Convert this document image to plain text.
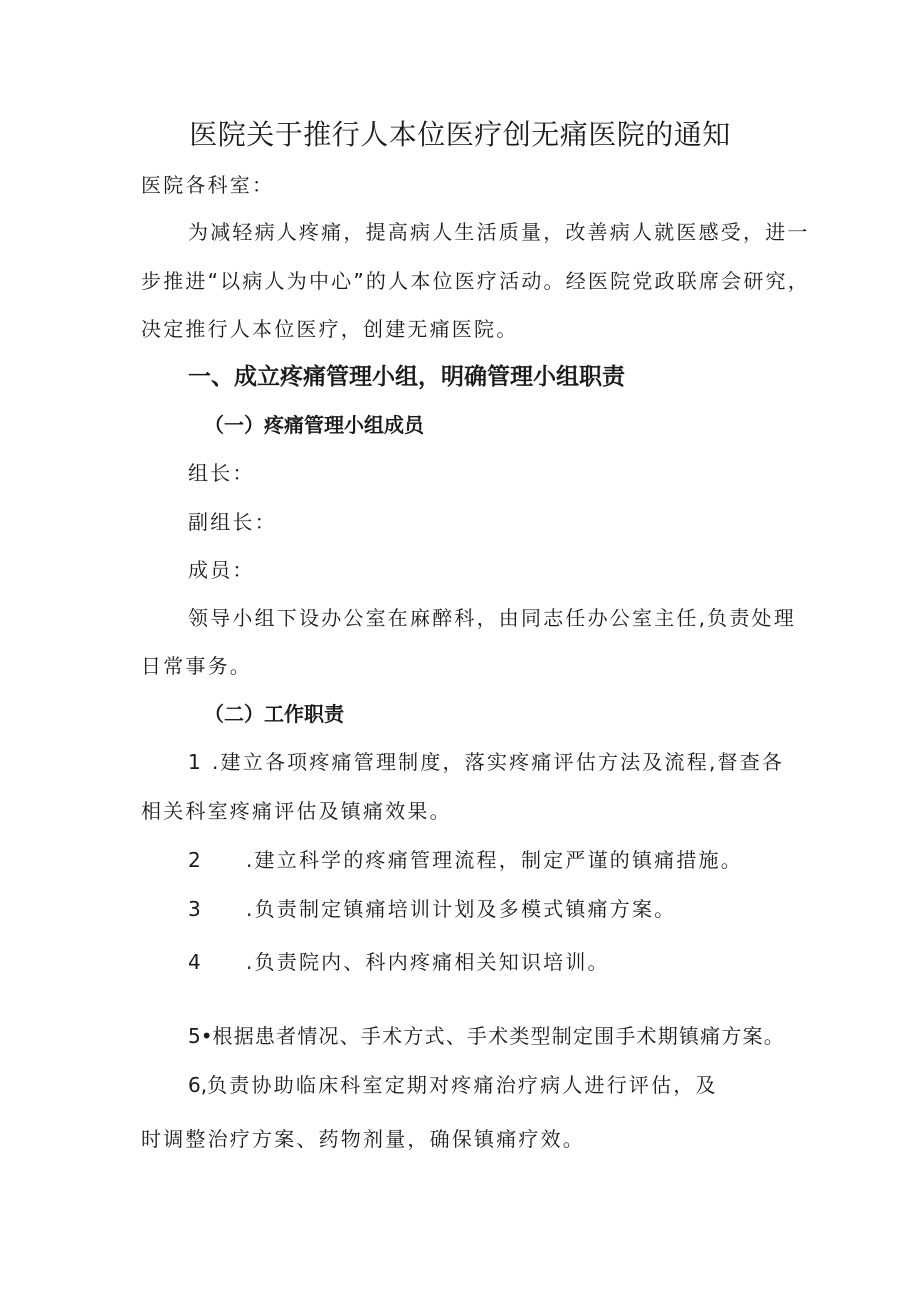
医院关于推行人本位医疗创无痛医院的通知
医院各科室：
为减轻病人疼痛，提高病人生活质量，改善病人就医感受，进一
步推进“以病人为中心”的人本位医疗活动。经医院党政联席会研究，
决定推行人本位医疗，创建无痛医院。
一、成立疼痛管理小组，明确管理小组职责
（一）疼痛管理小组成员
组长：
副组长：
成员：
领导小组下设办公室在麻醉科，由同志任办公室主任,负责处理
日常事务。
（二）工作职责
1 .建立各项疼痛管理制度，落实疼痛评估方法及流程,督查各
相关科室疼痛评估及镇痛效果。
2 .建立科学的疼痛管理流程，制定严谨的镇痛措施。
3 .负责制定镇痛培训计划及多模式镇痛方案。
4 .负责院内、科内疼痛相关知识培训。
5•根据患者情况、手术方式、手术类型制定围手术期镇痛方案。
6,负责协助临床科室定期对疼痛治疗病人进行评估，及
时调整治疗方案、药物剂量，确保镇痛疗效。
